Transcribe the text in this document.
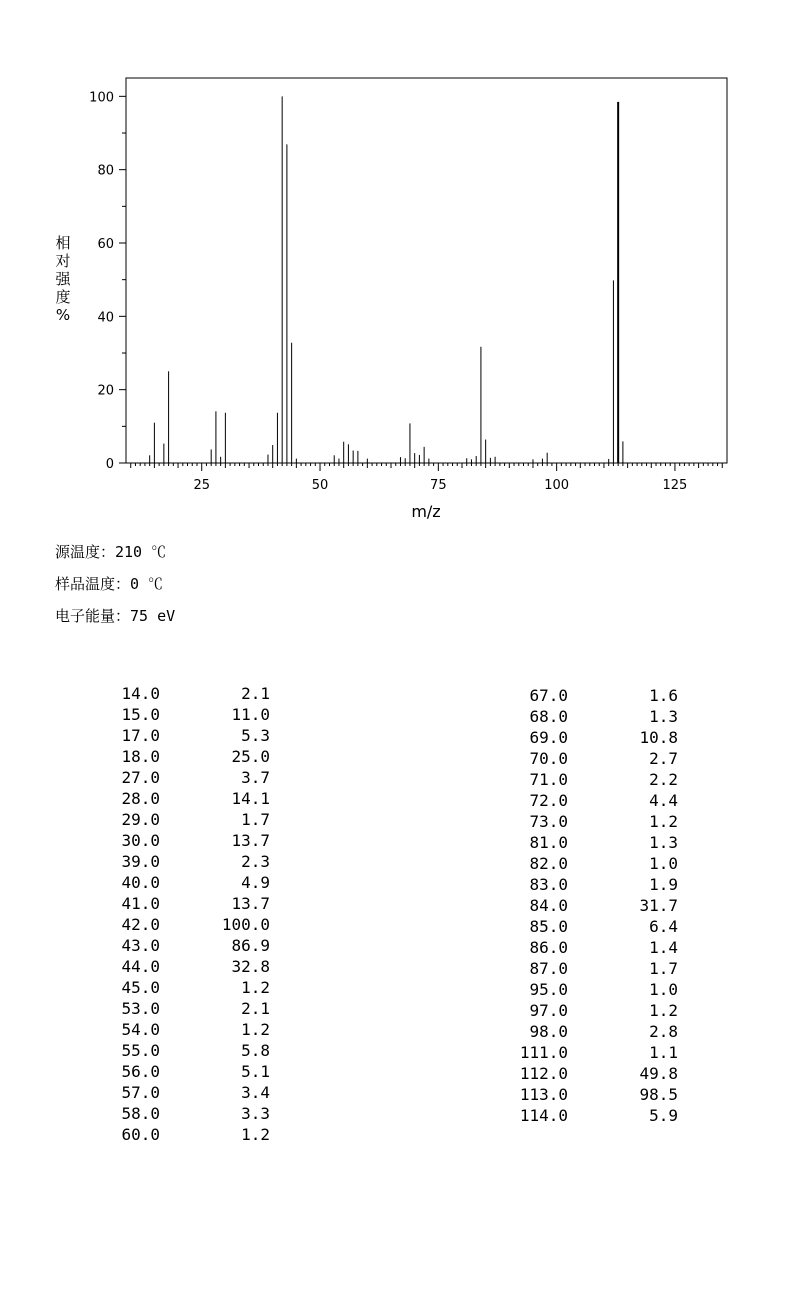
0
20
40
60
80
100
25	50	75	100	125
m/z
相
对
强
度
%
源温度：210 ℃
样品温度：0 ℃
电子能量：75 eV
14.0	2.1
15.0	11.0
17.0	5.3
18.0	25.0
27.0	3.7
28.0	14.1
29.0	1.7
30.0	13.7
39.0	2.3
40.0	4.9
41.0	13.7
42.0	100.0
43.0	86.9
44.0	32.8
45.0	1.2
53.0	2.1
54.0	1.2
55.0	5.8
56.0	5.1
57.0	3.4
58.0	3.3
60.0	1.2
67.0	1.6
68.0	1.3
69.0	10.8
70.0	2.7
71.0	2.2
72.0	4.4
73.0	1.2
81.0	1.3
82.0	1.0
83.0	1.9
84.0	31.7
85.0	6.4
86.0	1.4
87.0	1.7
95.0	1.0
97.0	1.2
98.0	2.8
111.0	1.1
112.0	49.8
113.0	98.5
114.0	5.9
